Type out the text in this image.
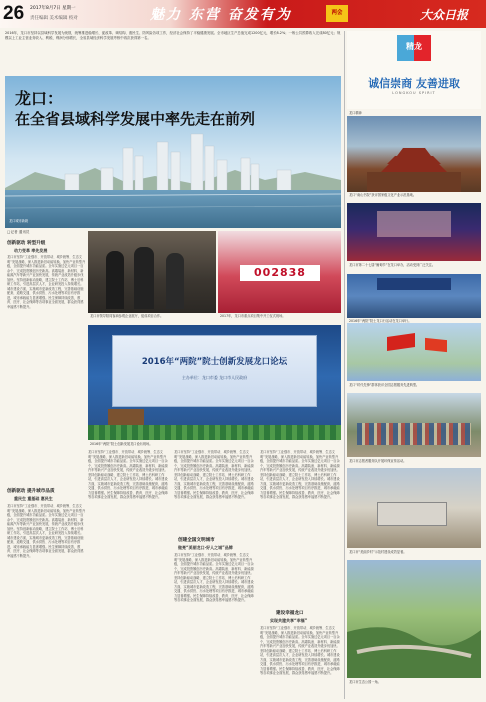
26 2017年8月7日 星期一
责任编辑 美术编辑 校对	魅力 东营 奋发有为	两会	大众日报
2016年，龙口市坚持以县域科学发展为统领，统筹推进稳增长、促改革、调结构、惠民生、防风险各项工作，经济社会保持了平稳健康发展。全市地区生产总值完成1200亿元，增长8.2%；一般公共预算收入完成80亿元；规模以上工业主营业务收入、利税、利润分别增长，全省县域经济科学发展考核中再次获得第一名。
龙口：
在全省县域科学发展中率先走在前列
龙口城市新貌
精龙
诚信崇商 友善进取
LONGKOU SPIRIT
龙口精神
龙口“南山书院”获评国家级文化产业示范基地。
龙口市第二十七届“葡萄节”在龙口举办，活动受到广泛关注。
2016年“两院”院士龙口行活动在龙口举行。
龙口“时代先锋”群体获评全国志愿服务先进典型。
龙口市志愿者服务队开展环保宣传活动。
龙口市“美丽乡村”示范村建设成效显著。
龙口市生态公园一角。
□记者 通讯员
创新驱动 转型升级
动力变革 率先发展
龙口市坚持“工业强市、开放带动、城乡统筹、生态文明”发展战略，深入推进新旧动能转换，加快产业转型升级，全面提升城市功能品质。全年实施过亿元项目一百余个，完成投资额创历史新高。高端装备、新材料、新能源汽车等新兴产业加快发展，传统产业改造升级步伐加快。坚持创新驱动战略，建立院士工作站、博士后科研工作站，引进高层次人才，企业研发投入持续增长。城市建设方面，实施城市更新改造工程，完善基础设施配套，道路交通、供水供热、污水处理等项目有序推进，城市承载能力显著增强。民生保障持续改善，教育、医疗、社会保障等各项事业全面发展，群众获得感幸福感不断提升。
创新驱动 提升城市品质
重民生 重基础 惠民生
龙口市坚持“工业强市、开放带动、城乡统筹、生态文明”发展战略，深入推进新旧动能转换，加快产业转型升级，全面提升城市功能品质。全年实施过亿元项目一百余个，完成投资额创历史新高。高端装备、新材料、新能源汽车等新兴产业加快发展，传统产业改造升级步伐加快。坚持创新驱动战略，建立院士工作站、博士后科研工作站，引进高层次人才，企业研发投入持续增长。城市建设方面，实施城市更新改造工程，完善基础设施配套，道路交通、供水供热、污水处理等项目有序推进，城市承载能力显著增强。民生保障持续改善，教育、医疗、社会保障等各项事业全面发展，群众获得感幸福感不断提升。
龙口市领导陪同客商参观企业展厅，促成项目合作。
002838
2017年，龙口市重点项目集中开工仪式现场。
2016年“两院”院士创新发展龙口论坛
主办单位：龙口市委 龙口市人民政府
2016年“两院”院士创新发展龙口论坛现场。
龙口市坚持“工业强市、开放带动、城乡统筹、生态文明”发展战略，深入推进新旧动能转换，加快产业转型升级，全面提升城市功能品质。全年实施过亿元项目一百余个，完成投资额创历史新高。高端装备、新材料、新能源汽车等新兴产业加快发展，传统产业改造升级步伐加快。坚持创新驱动战略，建立院士工作站、博士后科研工作站，引进高层次人才，企业研发投入持续增长。城市建设方面，实施城市更新改造工程，完善基础设施配套，道路交通、供水供热、污水处理等项目有序推进，城市承载能力显著增强。民生保障持续改善，教育、医疗、社会保障等各项事业全面发展，群众获得感幸福感不断提升。
龙口市坚持“工业强市、开放带动、城乡统筹、生态文明”发展战略，深入推进新旧动能转换，加快产业转型升级，全面提升城市功能品质。全年实施过亿元项目一百余个，完成投资额创历史新高。高端装备、新材料、新能源汽车等新兴产业加快发展，传统产业改造升级步伐加快。坚持创新驱动战略，建立院士工作站、博士后科研工作站，引进高层次人才，企业研发投入持续增长。城市建设方面，实施城市更新改造工程，完善基础设施配套，道路交通、供水供热、污水处理等项目有序推进，城市承载能力显著增强。民生保障持续改善，教育、医疗、社会保障等各项事业全面发展，群众获得感幸福感不断提升。
创建全国文明城市
做亮“美丽龙口·好人之城”品牌
龙口市坚持“工业强市、开放带动、城乡统筹、生态文明”发展战略，深入推进新旧动能转换，加快产业转型升级，全面提升城市功能品质。全年实施过亿元项目一百余个，完成投资额创历史新高。高端装备、新材料、新能源汽车等新兴产业加快发展，传统产业改造升级步伐加快。坚持创新驱动战略，建立院士工作站、博士后科研工作站，引进高层次人才，企业研发投入持续增长。城市建设方面，实施城市更新改造工程，完善基础设施配套，道路交通、供水供热、污水处理等项目有序推进，城市承载能力显著增强。民生保障持续改善，教育、医疗、社会保障等各项事业全面发展，群众获得感幸福感不断提升。
龙口市坚持“工业强市、开放带动、城乡统筹、生态文明”发展战略，深入推进新旧动能转换，加快产业转型升级，全面提升城市功能品质。全年实施过亿元项目一百余个，完成投资额创历史新高。高端装备、新材料、新能源汽车等新兴产业加快发展，传统产业改造升级步伐加快。坚持创新驱动战略，建立院士工作站、博士后科研工作站，引进高层次人才，企业研发投入持续增长。城市建设方面，实施城市更新改造工程，完善基础设施配套，道路交通、供水供热、污水处理等项目有序推进，城市承载能力显著增强。民生保障持续改善，教育、医疗、社会保障等各项事业全面发展，群众获得感幸福感不断提升。
建设幸福龙口
实现共建共享“幸福”
龙口市坚持“工业强市、开放带动、城乡统筹、生态文明”发展战略，深入推进新旧动能转换，加快产业转型升级，全面提升城市功能品质。全年实施过亿元项目一百余个，完成投资额创历史新高。高端装备、新材料、新能源汽车等新兴产业加快发展，传统产业改造升级步伐加快。坚持创新驱动战略，建立院士工作站、博士后科研工作站，引进高层次人才，企业研发投入持续增长。城市建设方面，实施城市更新改造工程，完善基础设施配套，道路交通、供水供热、污水处理等项目有序推进，城市承载能力显著增强。民生保障持续改善，教育、医疗、社会保障等各项事业全面发展，群众获得感幸福感不断提升。
